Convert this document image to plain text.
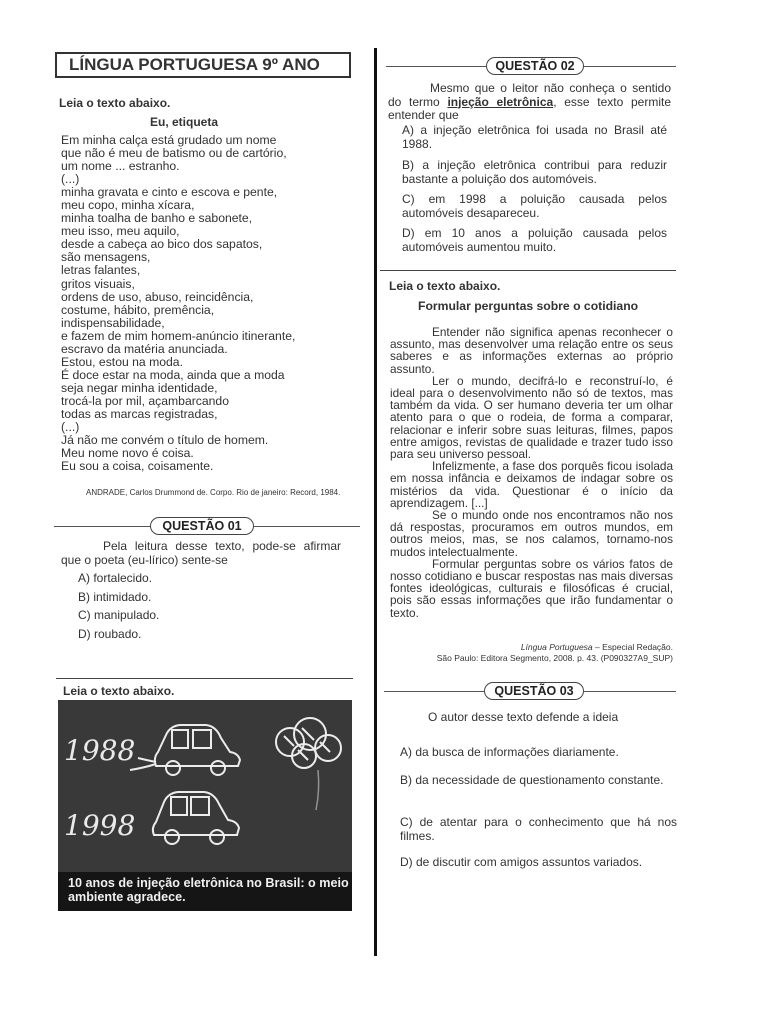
LÍNGUA PORTUGUESA 9º ANO
Leia o texto abaixo.
Eu, etiqueta
Em minha calça está grudado um nome
que não é meu de batismo ou de cartório,
um nome ... estranho.
(...)
minha gravata e cinto e escova e pente,
meu copo, minha xícara,
minha toalha de banho e sabonete,
meu isso, meu aquilo,
desde a cabeça ao bico dos sapatos,
são mensagens,
letras falantes,
gritos visuais,
ordens de uso, abuso, reincidência,
costume, hábito, premência,
indispensabilidade,
e fazem de mim homem-anúncio itinerante,
escravo da matéria anunciada.
Estou, estou na moda.
É doce estar na moda, ainda que a moda
seja negar minha identidade,
trocá-la por mil, açambarcando
todas as marcas registradas,
(...)
Já não me convém o título de homem.
Meu nome novo é coisa.
Eu sou a coisa, coisamente.
ANDRADE, Carlos Drummond de. Corpo. Rio de janeiro: Record, 1984.
QUESTÃO 01
Pela leitura desse texto, pode-se afirmar que o poeta (eu-lírico) sente-se
A) fortalecido.
B) intimidado.
C) manipulado.
D) roubado.
Leia o texto abaixo.
1988
1998
10 anos de injeção eletrônica no Brasil: o meio ambiente agradece.
QUESTÃO 02
Mesmo que o leitor não conheça o sentido do termo injeção eletrônica, esse texto permite entender que
A) a injeção eletrônica foi usada no Brasil até 1988.
B) a injeção eletrônica contribui para reduzir bastante a poluição dos automóveis.
C) em 1998 a poluição causada pelos automóveis desapareceu.
D) em 10 anos a poluição causada pelos automóveis aumentou muito.
Leia o texto abaixo.
Formular perguntas sobre o cotidiano

Entender não significa apenas reconhecer o assunto, mas desenvolver uma relação entre os seus saberes e as informações externas ao próprio assunto.

Ler o mundo, decifrá-lo e reconstruí-lo, é ideal para o desenvolvimento não só de textos, mas também da vida. O ser humano deveria ter um olhar atento para o que o rodeia, de forma a comparar, relacionar e inferir sobre suas leituras, filmes, papos entre amigos, revistas de qualidade e trazer tudo isso para seu universo pessoal.

Infelizmente, a fase dos porquês ficou isolada em nossa infância e deixamos de indagar sobre os mistérios da vida. Questionar é o início da aprendizagem. [...]

Se o mundo onde nos encontramos não nos dá respostas, procuramos em outros mundos, em outros meios, mas, se nos calamos, tornamo-nos mudos intelectualmente.

Formular perguntas sobre os vários fatos de nosso cotidiano e buscar respostas nas mais diversas fontes ideológicas, culturais e filosóficas é crucial, pois são essas informações que irão fundamentar o texto.

Língua Portuguesa – Especial Redação.
São Paulo: Editora Segmento, 2008. p. 43. (P090327A9_SUP)
QUESTÃO 03
O autor desse texto defende a ideia
A) da busca de informações diariamente.
B) da necessidade de questionamento constante.
C) de atentar para o conhecimento que há nos filmes.
D) de discutir com amigos assuntos variados.
